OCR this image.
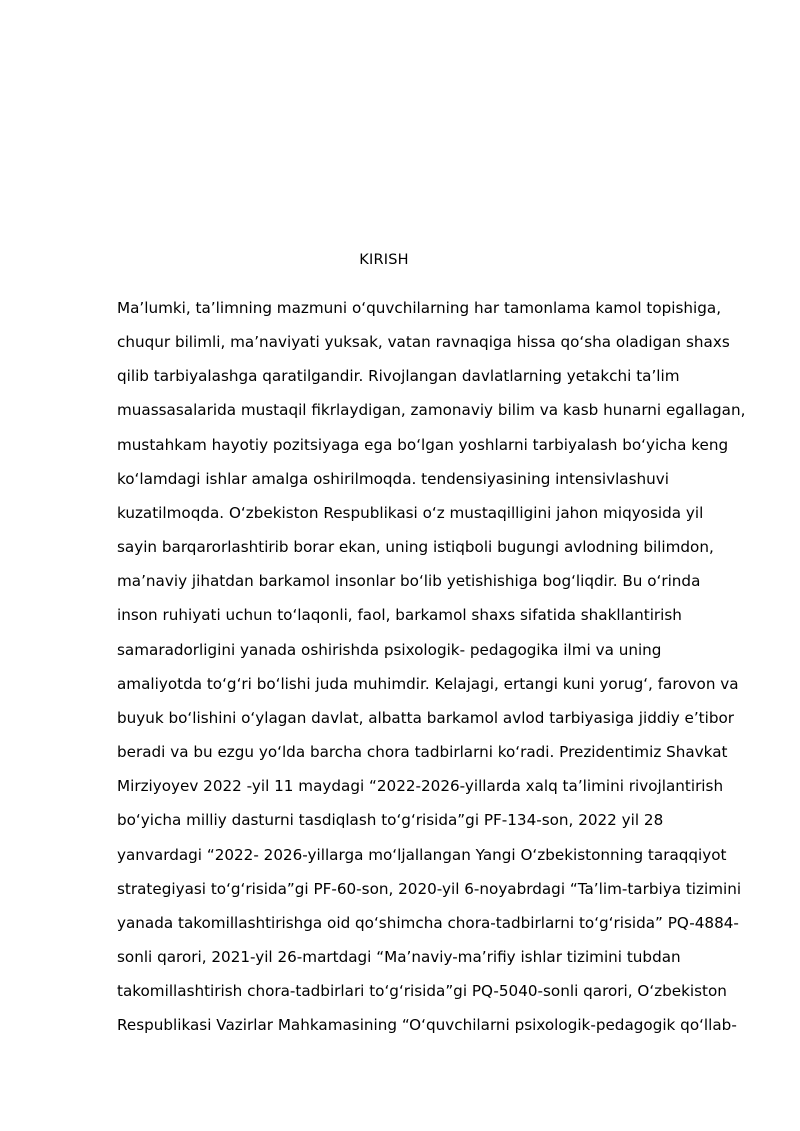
KIRISH
Ma’lumki, ta’limning mazmuni o‘quvchilarning har tamonlama kamol topishiga,
chuqur bilimli, ma’naviyati yuksak, vatan ravnaqiga hissa qo‘sha oladigan shaxs
qilib tarbiyalashga qaratilgandir. Rivojlangan davlatlarning yetakchi ta’lim
muassasalarida mustaqil fikrlaydigan, zamonaviy bilim va kasb hunarni egallagan,
mustahkam hayotiy pozitsiyaga ega bo‘lgan yoshlarni tarbiyalash bo‘yicha keng
ko‘lamdagi ishlar amalga oshirilmoqda. tendensiyasining intensivlashuvi
kuzatilmoqda. O‘zbekiston Respublikasi o‘z mustaqilligini jahon miqyosida yil
sayin barqarorlashtirib borar ekan, uning istiqboli bugungi avlodning bilimdon,
ma’naviy jihatdan barkamol insonlar bo‘lib yetishishiga bog‘liqdir. Bu o‘rinda
inson ruhiyati uchun to‘laqonli, faol, barkamol shaxs sifatida shakllantirish
samaradorligini yanada oshirishda psixologik- pedagogika ilmi va uning
amaliyotda to‘g‘ri bo‘lishi juda muhimdir. Kelajagi, ertangi kuni yorug‘, farovon va
buyuk bo‘lishini o‘ylagan davlat, albatta barkamol avlod tarbiyasiga jiddiy e’tibor
beradi va bu ezgu yo‘lda barcha chora tadbirlarni ko‘radi. Prezidentimiz Shavkat
Mirziyoyev 2022 -yil 11 maydagi “2022-2026-yillarda xalq ta’limini rivojlantirish
bo‘yicha milliy dasturni tasdiqlash to‘g‘risida”gi PF-134-son, 2022 yil 28
yanvardagi “2022- 2026-yillarga mo‘ljallangan Yangi O‘zbekistonning taraqqiyot
strategiyasi to‘g‘risida”gi PF-60-son, 2020-yil 6-noyabrdagi “Ta’lim-tarbiya tizimini
yanada takomillashtirishga oid qo‘shimcha chora-tadbirlarni to‘g‘risida” PQ-4884-
sonli qarori, 2021-yil 26-martdagi “Ma’naviy-ma’rifiy ishlar tizimini tubdan
takomillashtirish chora-tadbirlari to‘g‘risida”gi PQ-5040-sonli qarori, O‘zbekiston
Respublikasi Vazirlar Mahkamasining “O‘quvchilarni psixologik-pedagogik qo‘llab-
